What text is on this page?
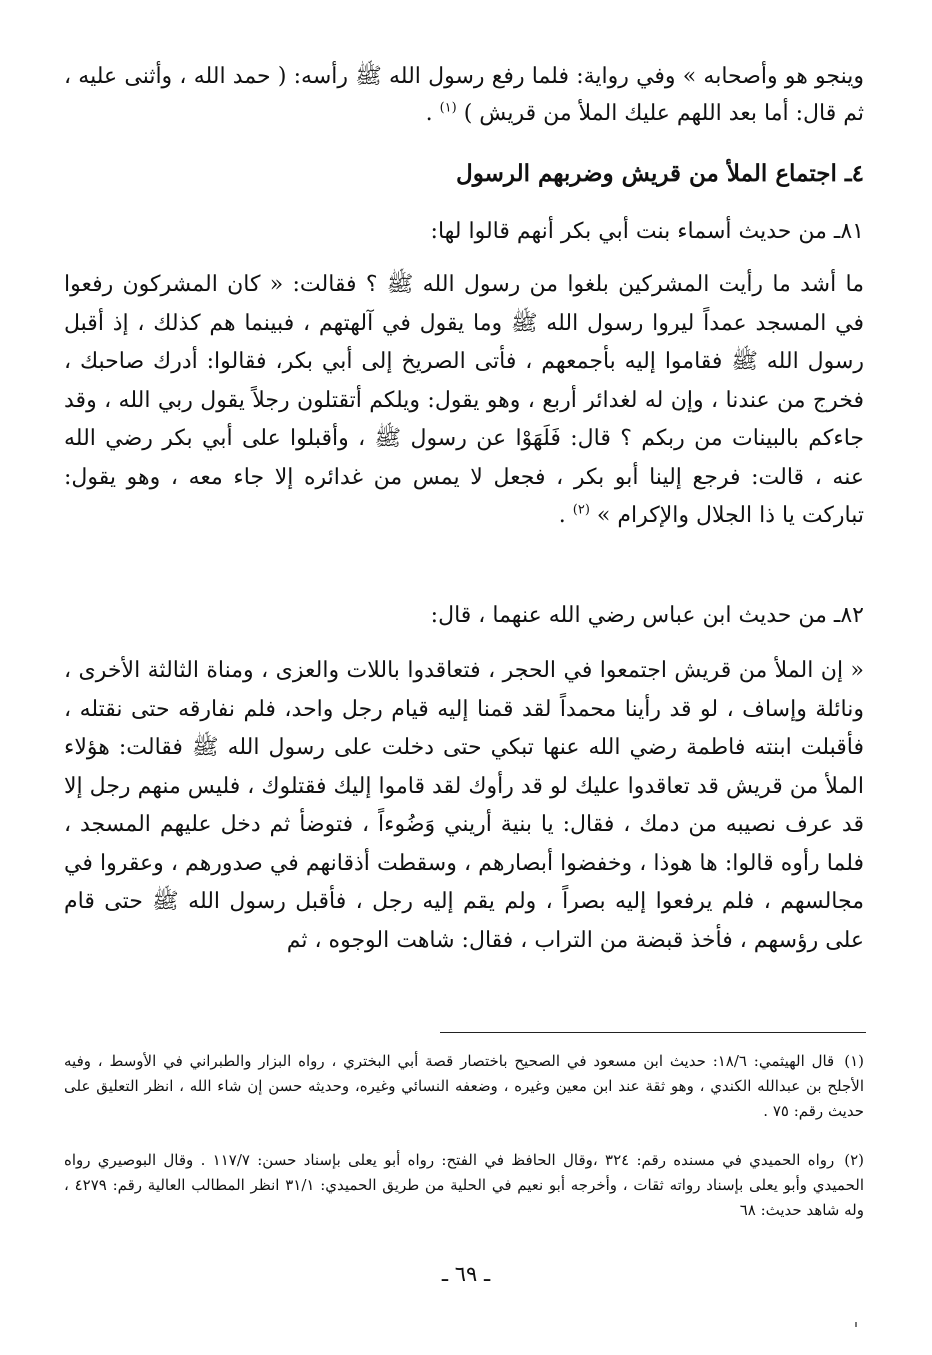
وينجو هو وأصحابه » وفي رواية: فلما رفع رسول الله ﷺ رأسه: ( حمد الله ، وأثنى عليه ، ثم قال: أما بعد اللهم عليك الملأ من قريش ) $^{(١)}$ .

٤ـ اجتماع الملأ من قريش وضربهم الرسول
٨١ـ من حديث أسماء بنت أبي بكر أنهم قالوا لها:

ما أشد ما رأيت المشركين بلغوا من رسول الله ﷺ ؟ فقالت: « كان المشركون رفعوا في المسجد عمداً ليروا رسول الله ﷺ وما يقول في آلهتهم ، فبينما هم كذلك ، إذ أقبل رسول الله ﷺ فقاموا إليه بأجمعهم ، فأتى الصريخ إلى أبي بكر، فقالوا: أدرك صاحبك ، فخرج من عندنا ، وإن له لغدائر أربع ، وهو يقول: ويلكم أتقتلون رجلاً يقول ربي الله ، وقد جاءكم بالبينات من ربكم ؟ قال: فَلَهَوْا عن رسول ﷺ ، وأقبلوا على أبي بكر رضي الله عنه ، قالت: فرجع إلينا أبو بكر ، فجعل لا يمس من غدائره إلا جاء معه ، وهو يقول: تباركت يا ذا الجلال والإكرام » $^{(٢)}$ .

٨٢ـ من حديث ابن عباس رضي الله عنهما ، قال:

« إن الملأ من قريش اجتمعوا في الحجر ، فتعاقدوا باللات والعزى ، ومناة الثالثة الأخرى ، ونائلة وإساف ، لو قد رأينا محمداً لقد قمنا إليه قيام رجل واحد، فلم نفارقه حتى نقتله ، فأقبلت ابنته فاطمة رضي الله عنها تبكي حتى دخلت على رسول الله ﷺ فقالت: هؤلاء الملأ من قريش قد تعاقدوا عليك لو قد رأوك لقد قاموا إليك فقتلوك ، فليس منهم رجل إلا قد عرف نصيبه من دمك ، فقال: يا بنية أريني وَضُوءاً ، فتوضأ ثم دخل عليهم المسجد ، فلما رأوه قالوا: ها هوذا ، وخفضوا أبصارهم ، وسقطت أذقانهم في صدورهم ، وعقروا في مجالسهم ، فلم يرفعوا إليه بصراً ، ولم يقم إليه رجل ، فأقبل رسول الله ﷺ حتى قام على رؤسهم ، فأخذ قبضة من التراب ، فقال: شاهت الوجوه ، ثم

(١)قال الهيثمي: ١٨/٦: حديث ابن مسعود في الصحيح باختصار قصة أبي البختري ، رواه البزار والطبراني في الأوسط ، وفيه الأجلح بن عبدالله الكندي ، وهو ثقة عند ابن معين وغيره ، وضعفه النسائي وغيره، وحديثه حسن إن شاء الله ، انظر التعليق على حديث رقم: ٧٥ .

(٢)رواه الحميدي في مسنده رقم: ٣٢٤ ،وقال الحافظ في الفتح: رواه أبو يعلى بإسناد حسن: ١١٧/٧ . وقال البوصيري رواه الحميدي وأبو يعلى بإسناد رواته ثقات ، وأخرجه أبو نعيم في الحلية من طريق الحميدي: ٣١/١ انظر المطالب العالية رقم: ٤٢٧٩ ، وله شاهد حديث: ٦٨

ـ ٦٩ ـ
